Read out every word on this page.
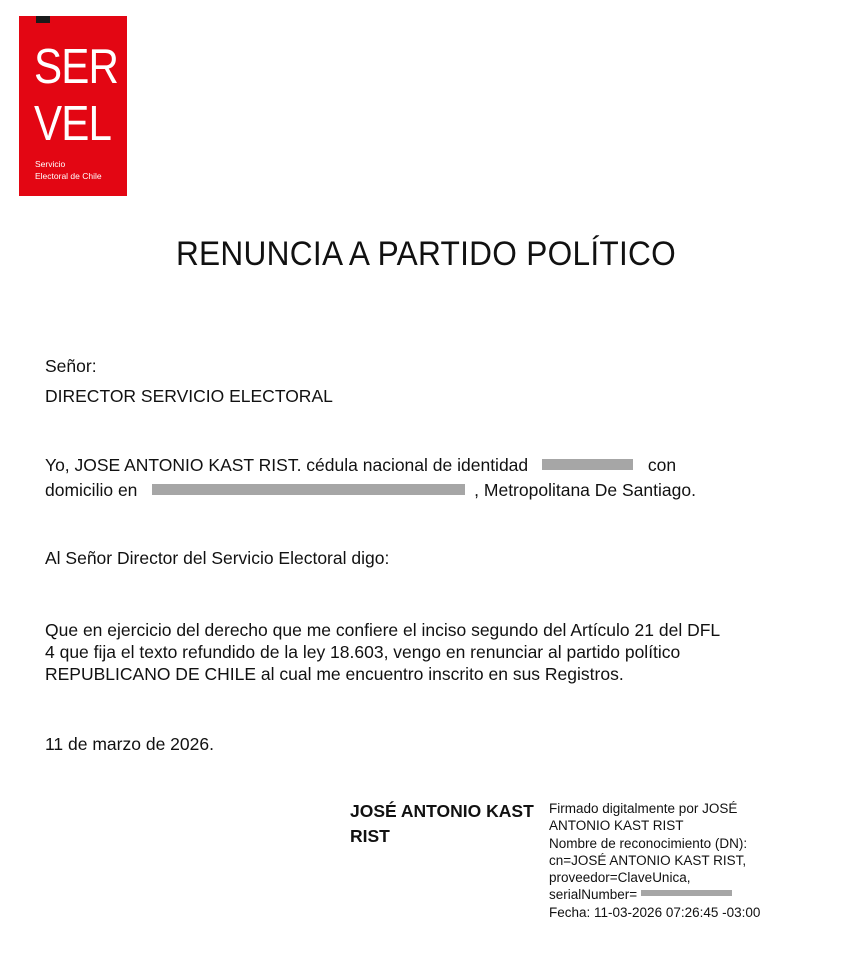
SER
VEL
Servicio
Electoral de Chile
RENUNCIA A PARTIDO POLÍTICO
Señor:
DIRECTOR SERVICIO ELECTORAL
Yo, JOSE ANTONIO KAST RIST. cédula nacional de identidad	con
domicilio en	, Metropolitana De Santiago.
Al Señor Director del Servicio Electoral digo:
Que en ejercicio del derecho que me confiere el inciso segundo del Artículo 21 del DFL
4 que fija el texto refundido de la ley 18.603, vengo en renunciar al partido político
REPUBLICANO DE CHILE al cual me encuentro inscrito en sus Registros.
11 de marzo de 2026.
JOSÉ ANTONIO KAST
RIST
Firmado digitalmente por JOSÉ
ANTONIO KAST RIST
Nombre de reconocimiento (DN):
cn=JOSÉ ANTONIO KAST RIST,
proveedor=ClaveUnica,
serialNumber=
Fecha: 11-03-2026 07:26:45 -03:00
